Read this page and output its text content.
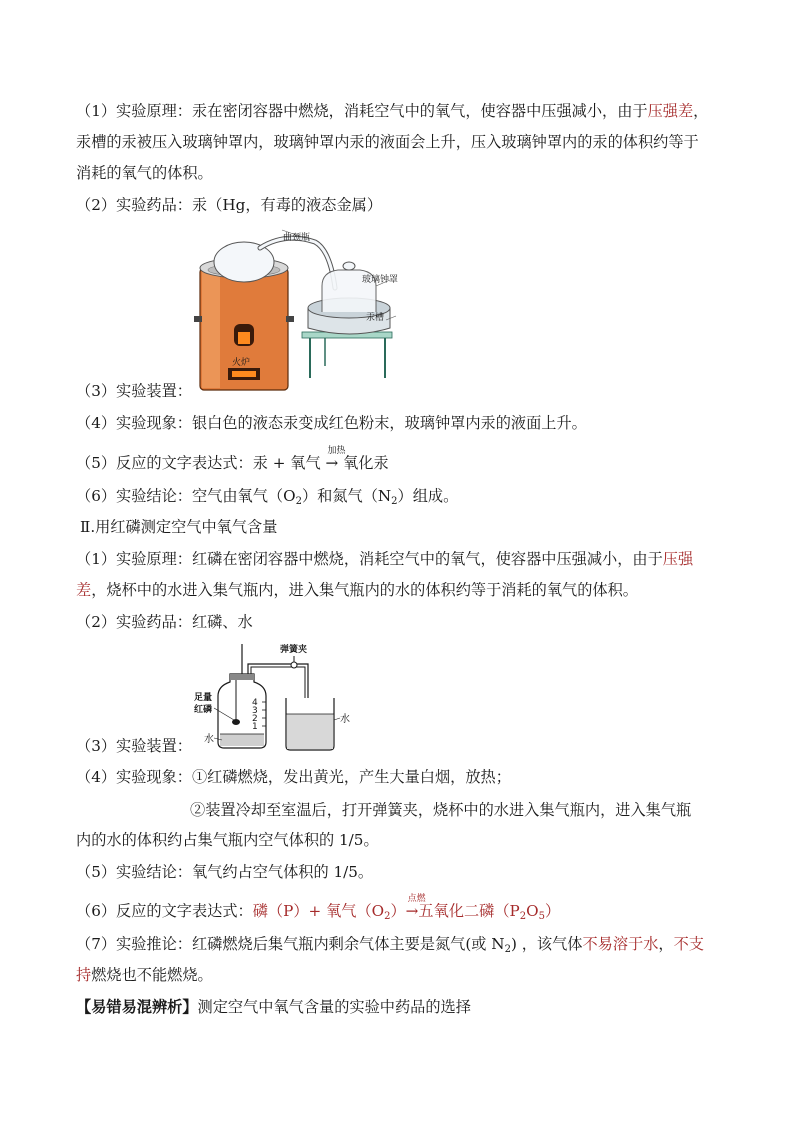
（1）实验原理：汞在密闭容器中燃烧，消耗空气中的氧气，使容器中压强减小，由于压强差，
汞槽的汞被压入玻璃钟罩内，玻璃钟罩内汞的液面会上升，压入玻璃钟罩内的汞的体积约等于
消耗的氧气的体积。
（2）实验药品：汞（Hg，有毒的液态金属）
火炉
曲颈瓶
玻璃钟罩
汞槽
（3）实验装置：
（4）实验现象：银白色的液态汞变成红色粉末，玻璃钟罩内汞的液面上升。
（5）反应的文字表达式：汞 + 氧气
加热
→ 氧化汞
（6）实验结论：空气由氧气$(O_2)$和氮气$(N_2)$组成。
Ⅱ.用红磷测定空气中氧气含量
（1）实验原理：红磷在密闭容器中燃烧，消耗空气中的氧气，使容器中压强减小，由于压强
差，烧杯中的水进入集气瓶内，进入集气瓶内的水的体积约等于消耗的氧气的体积。
（2）实验药品：红磷、水
4
3
2
1
弹簧夹
水
足量
红磷
水
（3）实验装置：
（4）实验现象：①红磷燃烧，发出黄光，产生大量白烟，放热；
②装置冷却至室温后，打开弹簧夹，烧杯中的水进入集气瓶内，进入集气瓶
内的水的体积约占集气瓶内空气体积的 1/5。
（5）实验结论：氧气约占空气体积的 1/5。
（6）反应的文字表达式：磷（P）+ 氧气$(O_2)$
点燃
→五氧化二磷$(P_2O_5)$
（7）实验推论：红磷燃烧后集气瓶内剩余气体主要是氮气(或 $N_2$) ，该气体不易溶于水，不支
持燃烧也不能燃烧。
【易错易混辨析】测定空气中氧气含量的实验中药品的选择
